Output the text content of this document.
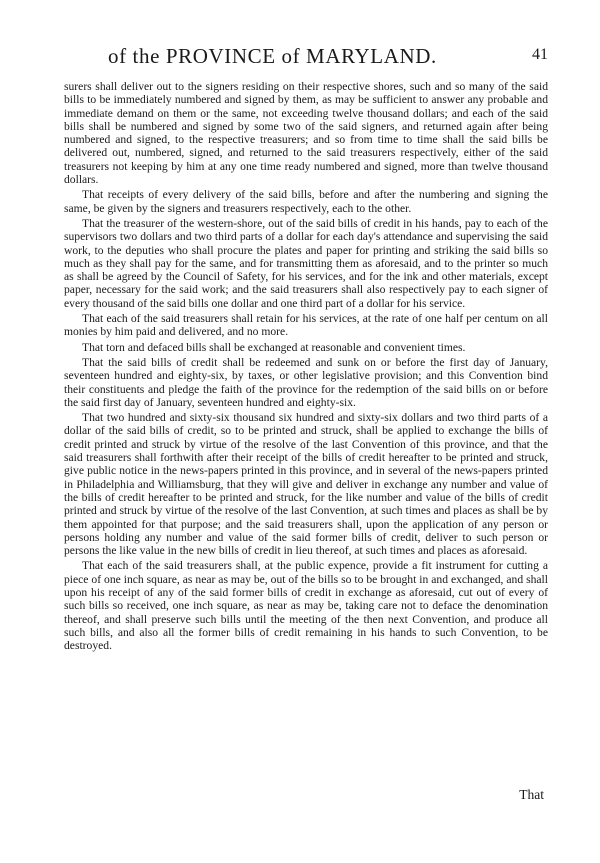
of the PROVINCE of MARYLAND.	41

surers shall deliver out to the signers residing on their respective shores, such and so many of the said bills to be immediately numbered and signed by them, as may be sufficient to answer any probable and immediate demand on them or the same, not exceeding twelve thousand dollars; and each of the said bills shall be numbered and signed by some two of the said signers, and returned again after being numbered and signed, to the respective treasurers; and so from time to time shall the said bills be delivered out, numbered, signed, and returned to the said treasurers respectively, either of the said treasurers not keeping by him at any one time ready numbered and signed, more than twelve thousand dollars.

That receipts of every delivery of the said bills, before and after the numbering and signing the same, be given by the signers and treasurers respectively, each to the other.

That the treasurer of the western-shore, out of the said bills of credit in his hands, pay to each of the supervisors two dollars and two third parts of a dollar for each day's attendance and supervising the said work, to the deputies who shall procure the plates and paper for printing and striking the said bills so much as they shall pay for the same, and for transmitting them as aforesaid, and to the printer so much as shall be agreed by the Council of Safety, for his services, and for the ink and other materials, except paper, necessary for the said work; and the said treasurers shall also respectively pay to each signer of every thousand of the said bills one dollar and one third part of a dollar for his service.

That each of the said treasurers shall retain for his services, at the rate of one half per centum on all monies by him paid and delivered, and no more.

That torn and defaced bills shall be exchanged at reasonable and convenient times.

That the said bills of credit shall be redeemed and sunk on or before the first day of January, seventeen hundred and eighty-six, by taxes, or other legislative provision; and this Convention bind their constituents and pledge the faith of the province for the redemption of the said bills on or before the said first day of January, seventeen hundred and eighty-six.

That two hundred and sixty-six thousand six hundred and sixty-six dollars and two third parts of a dollar of the said bills of credit, so to be printed and struck, shall be applied to exchange the bills of credit printed and struck by virtue of the resolve of the last Convention of this province, and that the said treasurers shall forthwith after their receipt of the bills of credit hereafter to be printed and struck, give public notice in the news-papers printed in this province, and in several of the news-papers printed in Philadelphia and Williamsburg, that they will give and deliver in exchange any number and value of the bills of credit hereafter to be printed and struck, for the like number and value of the bills of credit printed and struck by virtue of the resolve of the last Convention, at such times and places as shall be by them appointed for that purpose; and the said treasurers shall, upon the application of any person or persons holding any number and value of the said former bills of credit, deliver to such person or persons the like value in the new bills of credit in lieu thereof, at such times and places as aforesaid.

That each of the said treasurers shall, at the public expence, provide a fit instrument for cutting a piece of one inch square, as near as may be, out of the bills so to be brought in and exchanged, and shall upon his receipt of any of the said former bills of credit in exchange as aforesaid, cut out of every of such bills so received, one inch square, as near as may be, taking care not to deface the denomination thereof, and shall preserve such bills until the meeting of the then next Convention, and produce all such bills, and also all the former bills of credit remaining in his hands to such Convention, to be destroyed.

That
